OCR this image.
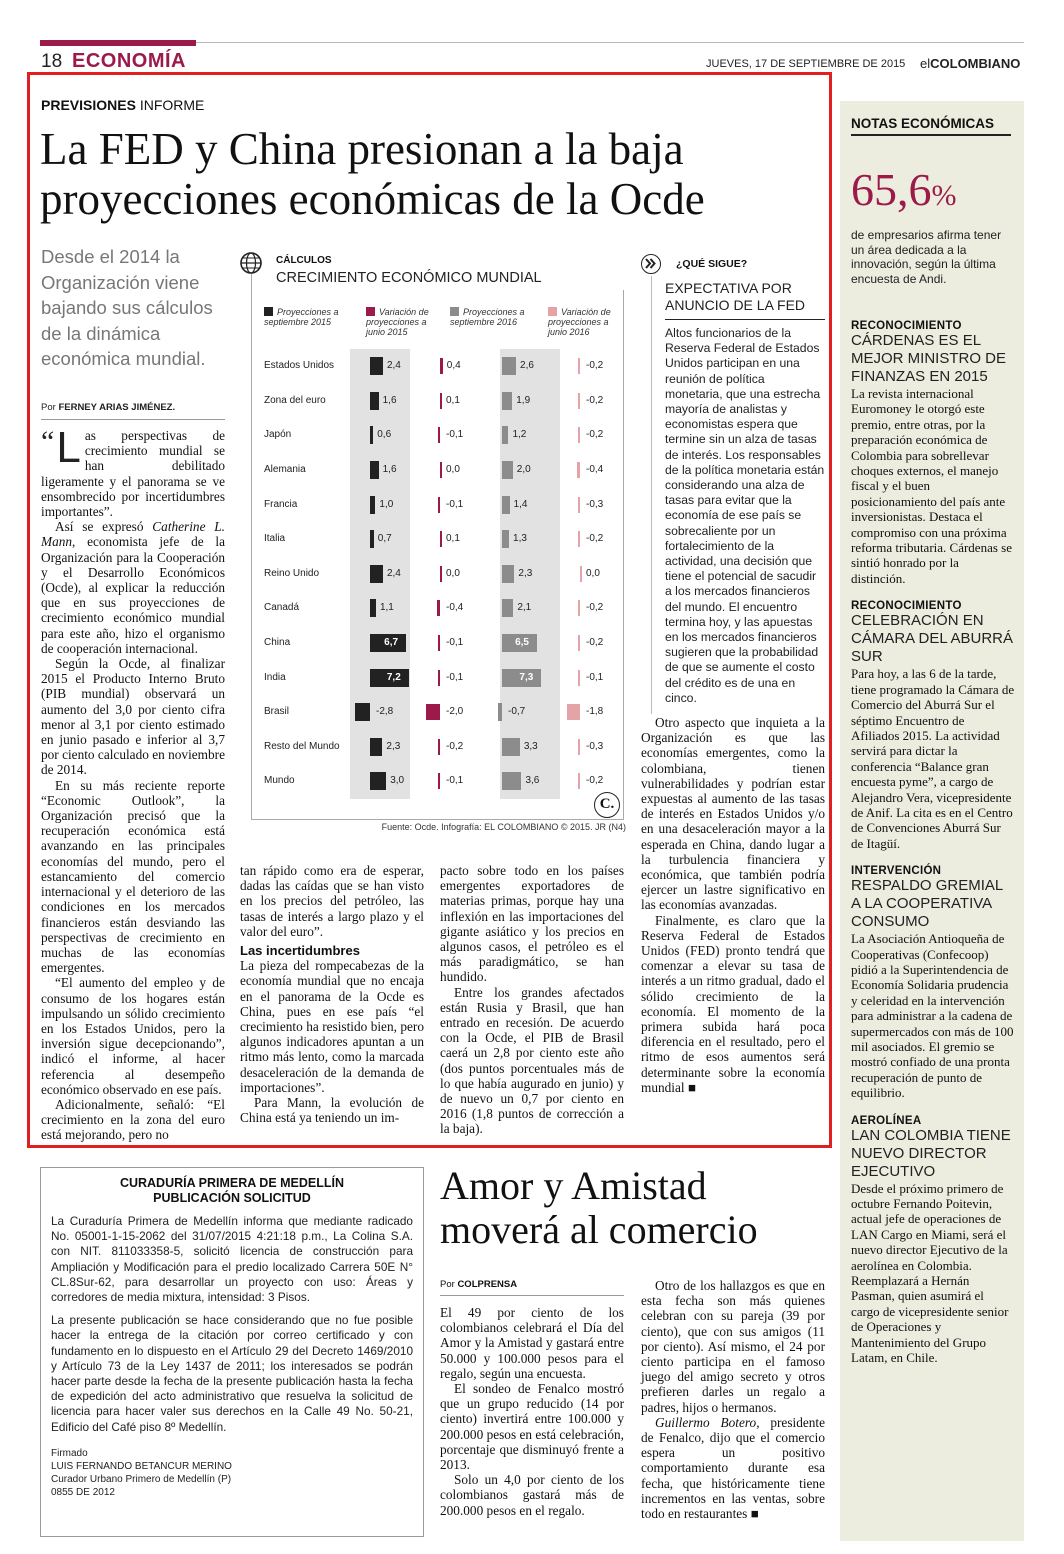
18 ECONOMÍA	JUEVES, 17 DE SEPTIEMBRE DE 2015 elCOLOMBIANO
NOTAS ECONÓMICAS
65,6%
de empresarios afirma tener un área dedicada a la innovación, según la última encuesta de Andi.

RECONOCIMIENTO

CÁRDENAS ES EL MEJOR MINISTRO DE FINANZAS EN 2015

La revista internacional Euromoney le otorgó este premio, entre otras, por la preparación económica de Colombia para sobrellevar choques externos, el manejo fiscal y el buen posicionamiento del país ante inversionistas. Destaca el compromiso con una próxima reforma tributaria. Cárdenas se sintió honrado por la distinción.

RECONOCIMIENTO

CELEBRACIÓN EN CÁMARA DEL ABURRÁ SUR

Para hoy, a las 6 de la tarde, tiene programado la Cámara de Comercio del Aburrá Sur el séptimo Encuentro de Afiliados 2015. La actividad servirá para dictar la conferencia “Balance gran encuesta pyme”, a cargo de Alejandro Vera, vicepresidente de Anif. La cita es en el Centro de Convenciones Aburrá Sur de Itagüí.

INTERVENCIÓN

RESPALDO GREMIAL A LA COOPERATIVA CONSUMO

La Asociación Antioqueña de Cooperativas (Confecoop) pidió a la Superintendencia de Economía Solidaria prudencia y celeridad en la intervención para administrar a la cadena de supermercados con más de 100 mil asociados. El gremio se mostró confiado de una pronta recuperación de punto de equilibrio.

AEROLÍNEA

LAN COLOMBIA TIENE NUEVO DIRECTOR EJECUTIVO

Desde el próximo primero de octubre Fernando Poitevin, actual jefe de operaciones de LAN Cargo en Miami, será el nuevo director Ejecutivo de la aerolínea en Colombia. Reemplazará a Hernán Pasman, quien asumirá el cargo de vicepresidente senior de Operaciones y Mantenimiento del Grupo Latam, en Chile.

PREVISIONES INFORME
La FED y China presionan a la baja
proyecciones económicas de la Ocde
Desde el 2014 la Organización viene bajando sus cálculos de la dinámica económica mundial.
Por FERNEY ARIAS JIMÉNEZ.
“ L as perspectivas de crecimiento mundial se han debilitado ligeramente y el panorama se ve ensombrecido por incertidumbres importantes”.

Así se expresó Catherine L. Mann, economista jefe de la Organización para la Cooperación y el Desarrollo Económicos (Ocde), al explicar la reducción que en sus proyecciones de crecimiento económico mundial para este año, hizo el organismo de cooperación internacional.

Según la Ocde, al finalizar 2015 el Producto Interno Bruto (PIB mundial) observará un aumento del 3,0 por ciento cifra menor al 3,1 por ciento estimado en junio pasado e inferior al 3,7 por ciento calculado en noviembre de 2014.

En su más reciente reporte “Economic Outlook”, la Organización precisó que la recuperación económica está avanzando en las principales economías del mundo, pero el estancamiento del comercio internacional y el deterioro de las condiciones en los mercados financieros están desviando las perspectivas de crecimiento en muchas de las economías emergentes.

“El aumento del empleo y de consumo de los hogares están impulsando un sólido crecimiento en los Estados Unidos, pero la inversión sigue decepcionando”, indicó el informe, al hacer referencia al desempeño económico observado en ese país.

Adicionalmente, señaló: “El crecimiento en la zona del euro está mejorando, pero no

tan rápido como era de esperar, dadas las caídas que se han visto en los precios del petróleo, las tasas de interés a largo plazo y el valor del euro”.

Las incertidumbres

La pieza del rompecabezas de la economía mundial que no encaja en el panorama de la Ocde es China, pues en ese país “el crecimiento ha resistido bien, pero algunos indicadores apuntan a un ritmo más lento, como la marcada desaceleración de la demanda de importaciones”.

Para Mann, la evolución de China está ya teniendo un im-

pacto sobre todo en los países emergentes exportadores de materias primas, porque hay una inflexión en las importaciones del gigante asiático y los precios en algunos casos, el petróleo es el más paradigmático, se han hundido.

Entre los grandes afectados están Rusia y Brasil, que han entrado en recesión. De acuerdo con la Ocde, el PIB de Brasil caerá un 2,8 por ciento este año (dos puntos porcentuales más de lo que había augurado en junio) y de nuevo un 0,7 por ciento en 2016 (1,8 puntos de corrección a la baja).

Otro aspecto que inquieta a la Organización es que las economías emergentes, como la colombiana, tienen vulnerabilidades y podrían estar expuestas al aumento de las tasas de interés en Estados Unidos y/o en una desaceleración mayor a la esperada en China, dando lugar a la turbulencia financiera y económica, que también podría ejercer un lastre significativo en las economías avanzadas.

Finalmente, es claro que la Reserva Federal de Estados Unidos (FED) pronto tendrá que comenzar a elevar su tasa de interés a un ritmo gradual, dado el sólido crecimiento de la economía. El momento de la primera subida hará poca diferencia en el resultado, pero el ritmo de esos aumentos será determinante sobre la economía mundial ■

¿QUÉ SIGUE?
EXPECTATIVA POR ANUNCIO DE LA FED
Altos funcionarios de la Reserva Federal de Estados Unidos participan en una reunión de política monetaria, que una estrecha mayoría de analistas y economistas espera que termine sin un alza de tasas de interés. Los responsables de la política monetaria están considerando una alza de tasas para evitar que la economía de ese país se sobrecaliente por un fortalecimiento de la actividad, una decisión que tiene el potencial de sacudir a los mercados financieros del mundo. El encuentro termina hoy, y las apuestas en los mercados financieros sugieren que la probabilidad de que se aumente el costo del crédito es de una en cinco.
CÁLCULOS
CRECIMIENTO ECONÓMICO MUNDIAL
Proyecciones a septiembre 2015
Variación de proyecciones a junio 2015
Proyecciones a septiembre 2016
Variación de proyecciones a junio 2016
Estados Unidos	2,4	0,4	2,6	-0,2
Zona del euro	1,6	0,1	1,9	-0,2
Japón	0,6	-0,1	1,2	-0,2
Alemania	1,6	0,0	2,0	-0,4
Francia	1,0	-0,1	1,4	-0,3
Italia	0,7	0,1	1,3	-0,2
Reino Unido	2,4	0,0	2,3	0,0
Canadá	1,1	-0,4	2,1	-0,2
China	6,7	-0,1	6,5	-0,2
India	7,2	-0,1	7,3	-0,1
Brasil	-2,8	-2,0	-0,7	-1,8
Resto del Mundo	2,3	-0,2	3,3	-0,3
Mundo	3,0	-0,1	3,6	-0,2
C.
Fuente: Ocde. Infografía: EL COLOMBIANO © 2015. JR (N4)
CURADURÍA PRIMERA DE MEDELLÍN
PUBLICACIÓN SOLICITUD
La Curaduría Primera de Medellín informa que mediante radicado No. 05001-1-15-2062 del 31/07/2015 4:21:18 p.m., La Colina S.A. con NIT. 811033358-5, solicitó licencia de construcción para Ampliación y Modificación para el predio localizado Carrera 50E N° CL.8Sur-62, para desarrollar un proyecto con uso: Áreas y corredores de media mixtura, intensidad: 3 Pisos.
La presente publicación se hace considerando que no fue posible hacer la entrega de la citación por correo certificado y con fundamento en lo dispuesto en el Artículo 29 del Decreto 1469/2010 y Artículo 73 de la Ley 1437 de 2011; los interesados se podrán hacer parte desde la fecha de la presente publicación hasta la fecha de expedición del acto administrativo que resuelva la solicitud de licencia para hacer valer sus derechos en la Calle 49 No. 50-21, Edificio del Café piso 8º Medellín.
Firmado
LUIS FERNANDO BETANCUR MERINO
Curador Urbano Primero de Medellín (P)
0855 DE 2012
Amor y Amistad
moverá al comercio
Por COLPRENSA

El 49 por ciento de los colombianos celebrará el Día del Amor y la Amistad y gastará entre 50.000 y 100.000 pesos para el regalo, según una encuesta.

El sondeo de Fenalco mostró que un grupo reducido (14 por ciento) invertirá entre 100.000 y 200.000 pesos en está celebración, porcentaje que disminuyó frente a 2013.

Solo un 4,0 por ciento de los colombianos gastará más de 200.000 pesos en el regalo.

Otro de los hallazgos es que en esta fecha son más quienes celebran con su pareja (39 por ciento), que con sus amigos (11 por ciento). Así mismo, el 24 por ciento participa en el famoso juego del amigo secreto y otros prefieren darles un regalo a padres, hijos o hermanos.

Guillermo Botero, presidente de Fenalco, dijo que el comercio espera un positivo comportamiento durante esa fecha, que históricamente tiene incrementos en las ventas, sobre todo en restaurantes ■
